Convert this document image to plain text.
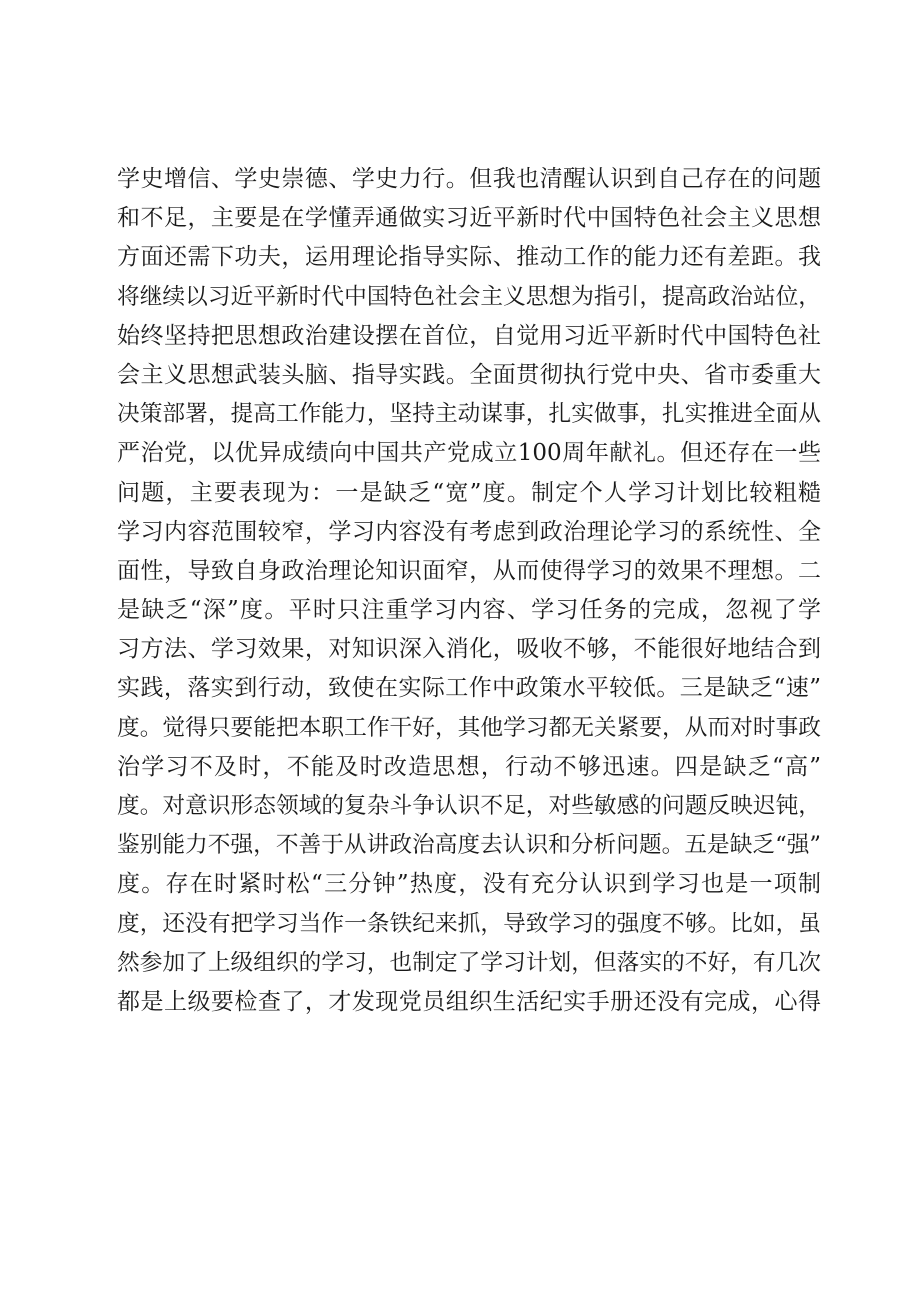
学史增信、学史崇德、学史力行。但我也清醒认识到自己存在的问题
和不足，主要是在学懂弄通做实习近平新时代中国特色社会主义思想
方面还需下功夫，运用理论指导实际、推动工作的能力还有差距。我
将继续以习近平新时代中国特色社会主义思想为指引，提高政治站位，
始终坚持把思想政治建设摆在首位，自觉用习近平新时代中国特色社
会主义思想武装头脑、指导实践。全面贯彻执行党中央、省市委重大
决策部署，提高工作能力，坚持主动谋事，扎实做事，扎实推进全面从
严治党，以优异成绩向中国共产党成立100周年献礼。但还存在一些
问题，主要表现为：一是缺乏“宽”度。制定个人学习计划比较粗糙
学习内容范围较窄，学习内容没有考虑到政治理论学习的系统性、全
面性，导致自身政治理论知识面窄，从而使得学习的效果不理想。二
是缺乏“深”度。平时只注重学习内容、学习任务的完成，忽视了学
习方法、学习效果，对知识深入消化，吸收不够，不能很好地结合到
实践，落实到行动，致使在实际工作中政策水平较低。三是缺乏“速”
度。觉得只要能把本职工作干好，其他学习都无关紧要，从而对时事政
治学习不及时，不能及时改造思想，行动不够迅速。四是缺乏“高”
度。对意识形态领域的复杂斗争认识不足，对些敏感的问题反映迟钝，
鉴别能力不强，不善于从讲政治高度去认识和分析问题。五是缺乏“强”
度。存在时紧时松“三分钟”热度，没有充分认识到学习也是一项制
度，还没有把学习当作一条铁纪来抓，导致学习的强度不够。比如，虽
然参加了上级组织的学习，也制定了学习计划，但落实的不好，有几次
都是上级要检查了，才发现党员组织生活纪实手册还没有完成，心得
